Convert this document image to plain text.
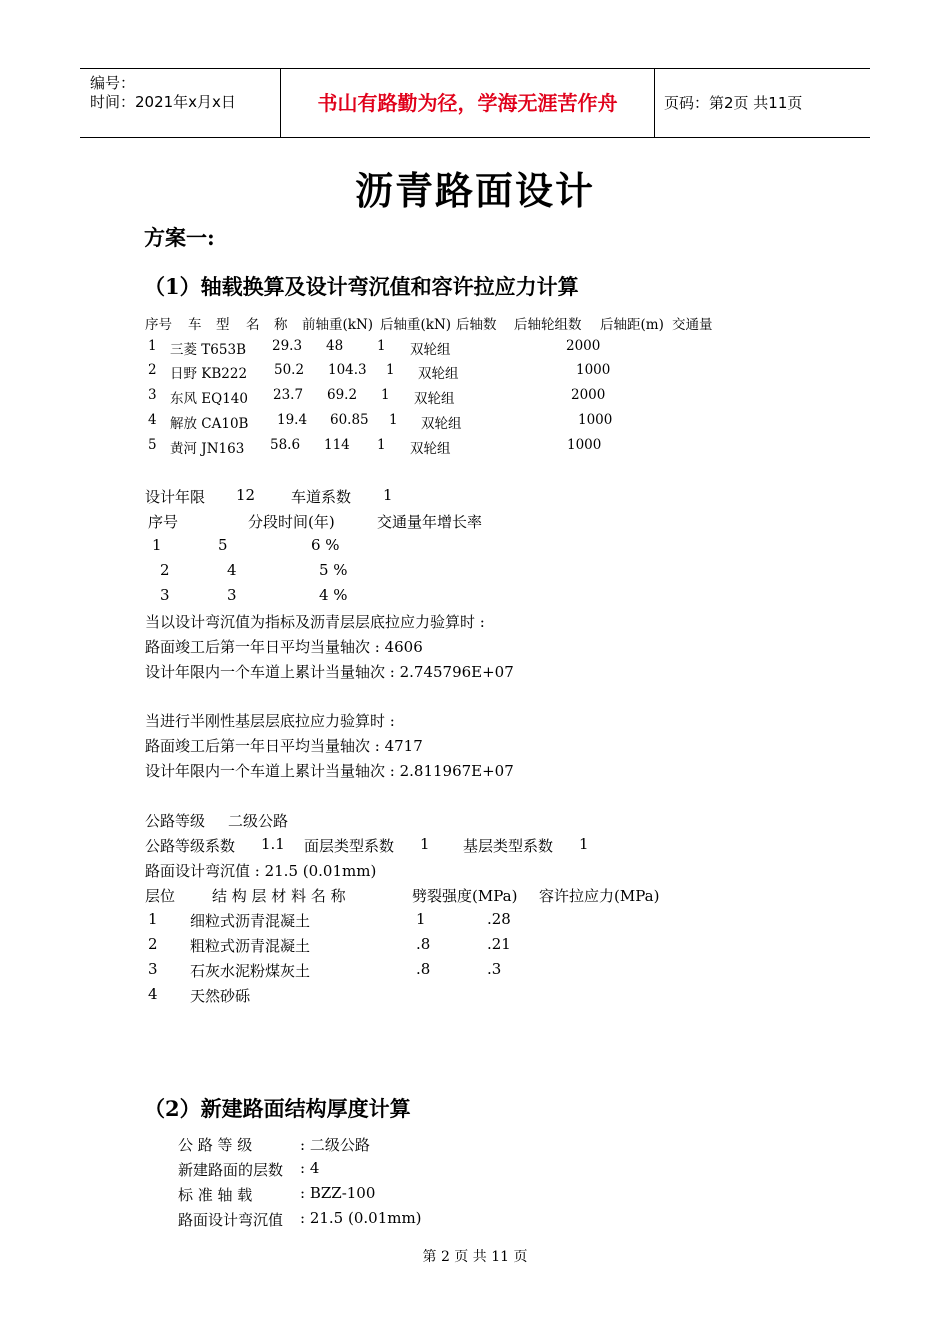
编号：
时间：2021年x月x日	书山有路勤为径，学海无涯苦作舟	页码：第2页 共11页
沥青路面设计
方案一:
（1）轴载换算及设计弯沉值和容许拉应力计算
序号 车 型 名 称 前轴重(kN) 后轴重(kN) 后轴数 后轴轮组数 后轴距(m) 交通量
1 三菱 T653B 29.3 48	1 双轮组	2000
2 日野 KB222 50.2 104.3 1 双轮组	1000
3 东风 EQ140 23.7 69.2 1 双轮组	2000
4 解放 CA10B 19.4 60.85 1 双轮组	1000
5 黄河 JN163 58.6 114 1 双轮组	1000
设计年限 12 车道系数 1
序号	分段时间(年)	交通量年增长率
1	5	6 %
2	4	5 %
3	3	4 %
当以设计弯沉值为指标及沥青层层底拉应力验算时 :
路面竣工后第一年日平均当量轴次 : 4606
设计年限内一个车道上累计当量轴次 : 2.745796E+07
当进行半刚性基层层底拉应力验算时 :
路面竣工后第一年日平均当量轴次 : 4717
设计年限内一个车道上累计当量轴次 : 2.811967E+07
公路等级 二级公路
公路等级系数 1.1 面层类型系数 1 基层类型系数 1
路面设计弯沉值 : 21.5 (0.01mm)
层位 结 构 层 材 料 名 称	劈裂强度(MPa) 容许拉应力(MPa)
1 细粒式沥青混凝土	1	.28
2 粗粒式沥青混凝土	.8	.21
3 石灰水泥粉煤灰土	.8	.3
4 天然砂砾
（2）新建路面结构厚度计算
公 路 等 级	: 二级公路
新建路面的层数 : 4
标 准 轴 载	: BZZ-100
路面设计弯沉值 : 21.5 (0.01mm)
第 2 页 共 11 页
